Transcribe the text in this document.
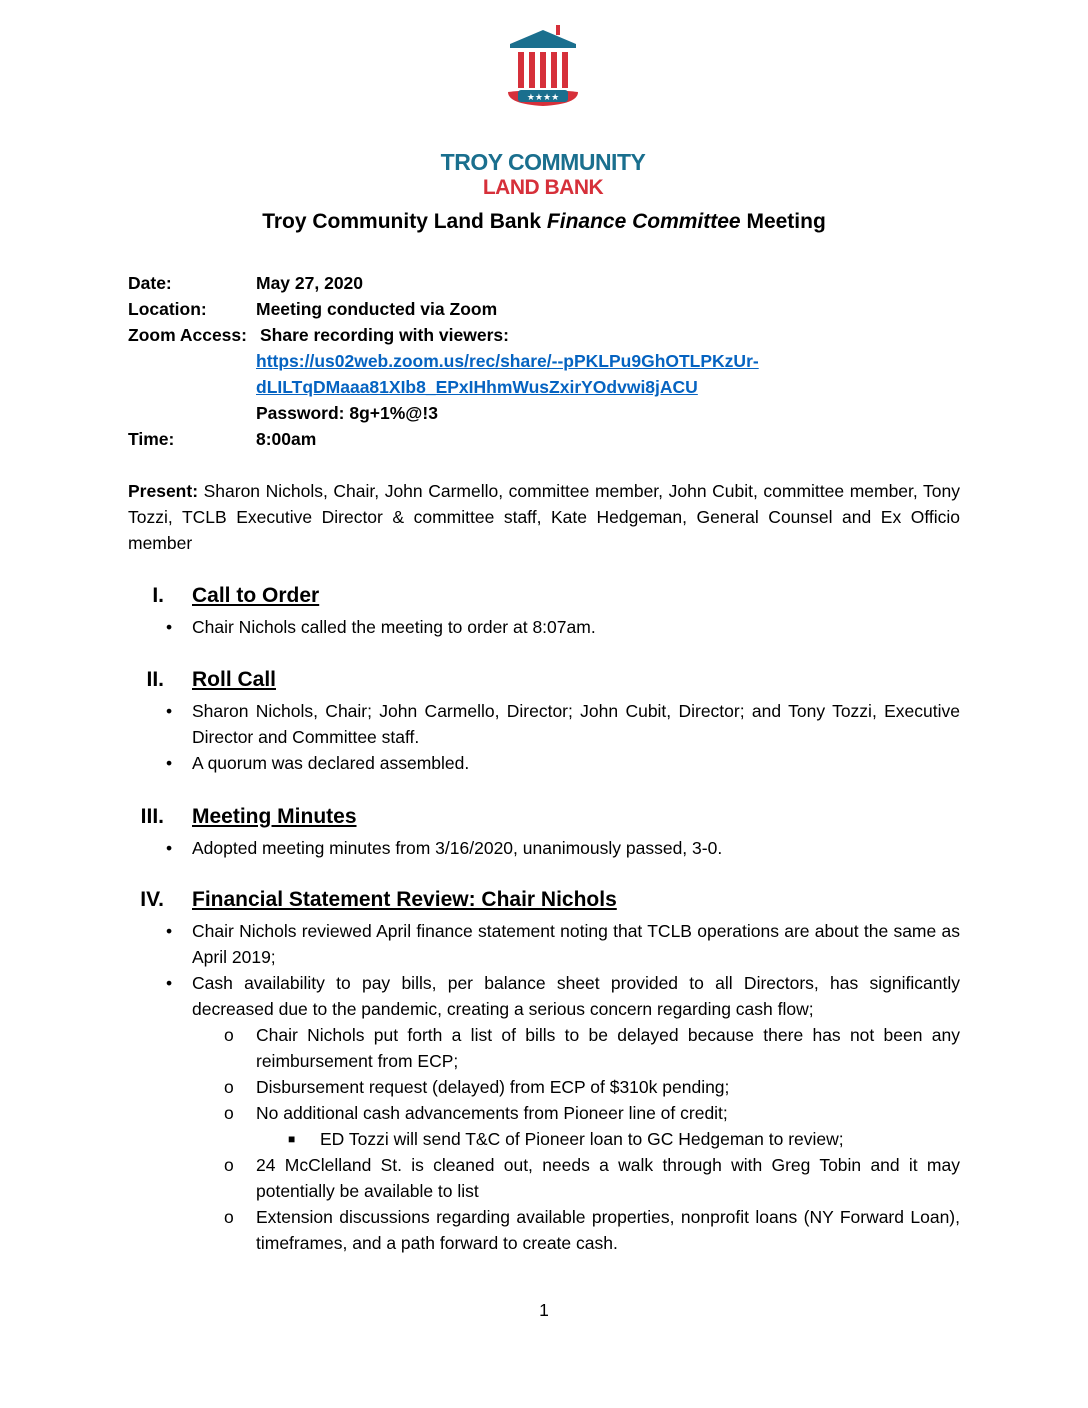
★★★★
TROY COMMUNITY
LAND BANK
Troy Community Land Bank Finance Committee Meeting
Date:	May 27, 2020
Location:	Meeting conducted via Zoom
Zoom Access: Share recording with viewers:
https://us02web.zoom.us/rec/share/--pPKLPu9GhOTLPKzUr-
dLILTqDMaaa81XIb8_EPxIHhmWusZxirYOdvwi8jACU
Password: 8g+1%@!3
Time:	8:00am
Present: Sharon Nichols, Chair, John Carmello, committee member, John Cubit, committee member, Tony Tozzi, TCLB Executive Director & committee staff, Kate Hedgeman, General Counsel and Ex Officio member
I. Call to Order
• Chair Nichols called the meeting to order at 8:07am.
II. Roll Call
• Sharon Nichols, Chair; John Carmello, Director; John Cubit, Director; and Tony Tozzi, Executive Director and Committee staff.
• A quorum was declared assembled.
III. Meeting Minutes
• Adopted meeting minutes from 3/16/2020, unanimously passed, 3-0.
IV. Financial Statement Review: Chair Nichols
• Chair Nichols reviewed April finance statement noting that TCLB operations are about the same as April 2019;
• Cash availability to pay bills, per balance sheet provided to all Directors, has significantly decreased due to the pandemic, creating a serious concern regarding cash flow;
o Chair Nichols put forth a list of bills to be delayed because there has not been any reimbursement from ECP;
o Disbursement request (delayed) from ECP of $310k pending;
o No additional cash advancements from Pioneer line of credit;
■ ED Tozzi will send T&C of Pioneer loan to GC Hedgeman to review;
o 24 McClelland St. is cleaned out, needs a walk through with Greg Tobin and it may potentially be available to list
o Extension discussions regarding available properties, nonprofit loans (NY Forward Loan), timeframes, and a path forward to create cash.
1
